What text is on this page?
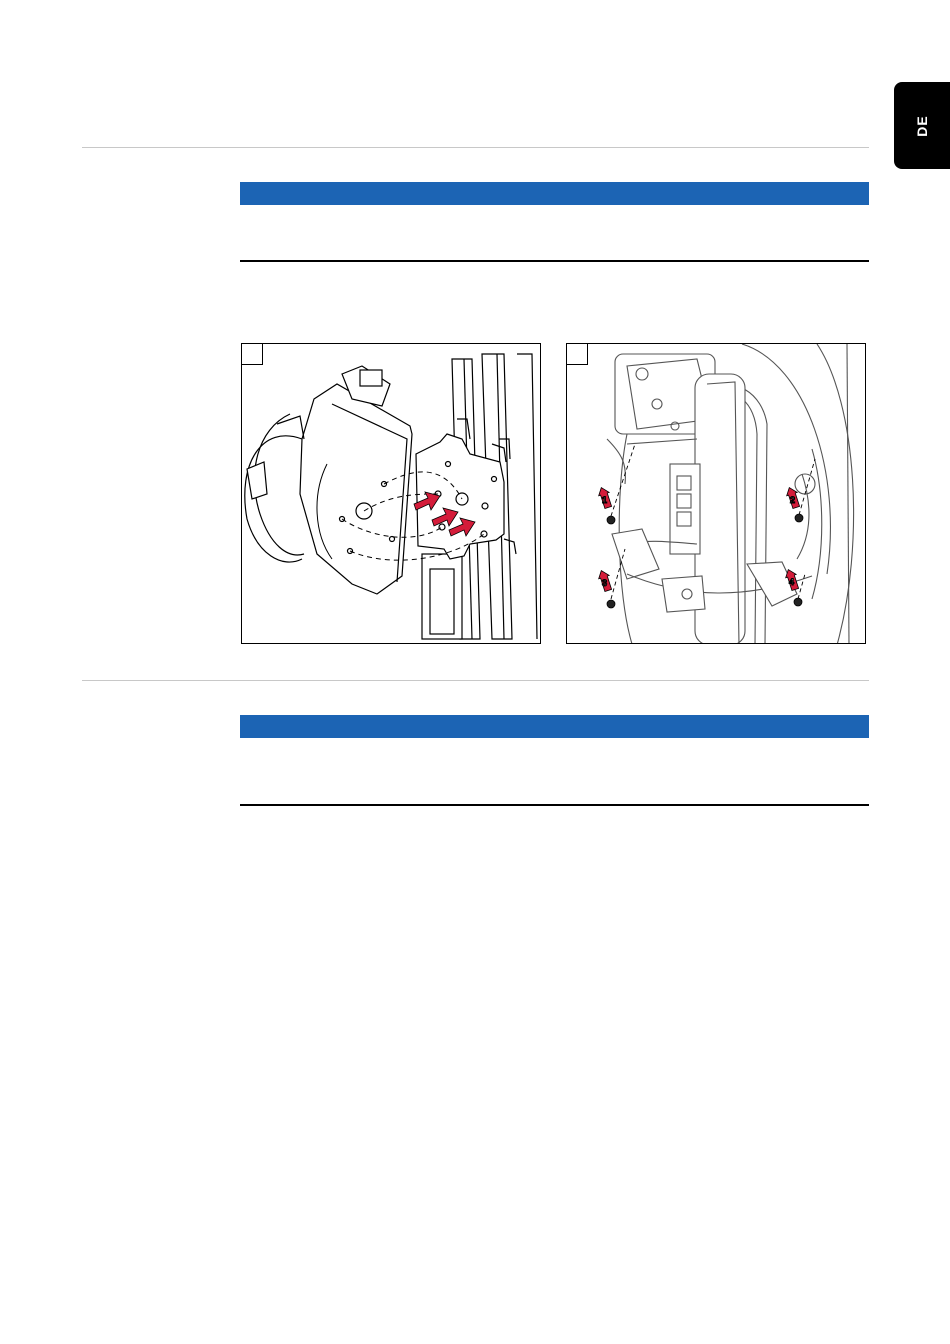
DE
1	2
3	4
